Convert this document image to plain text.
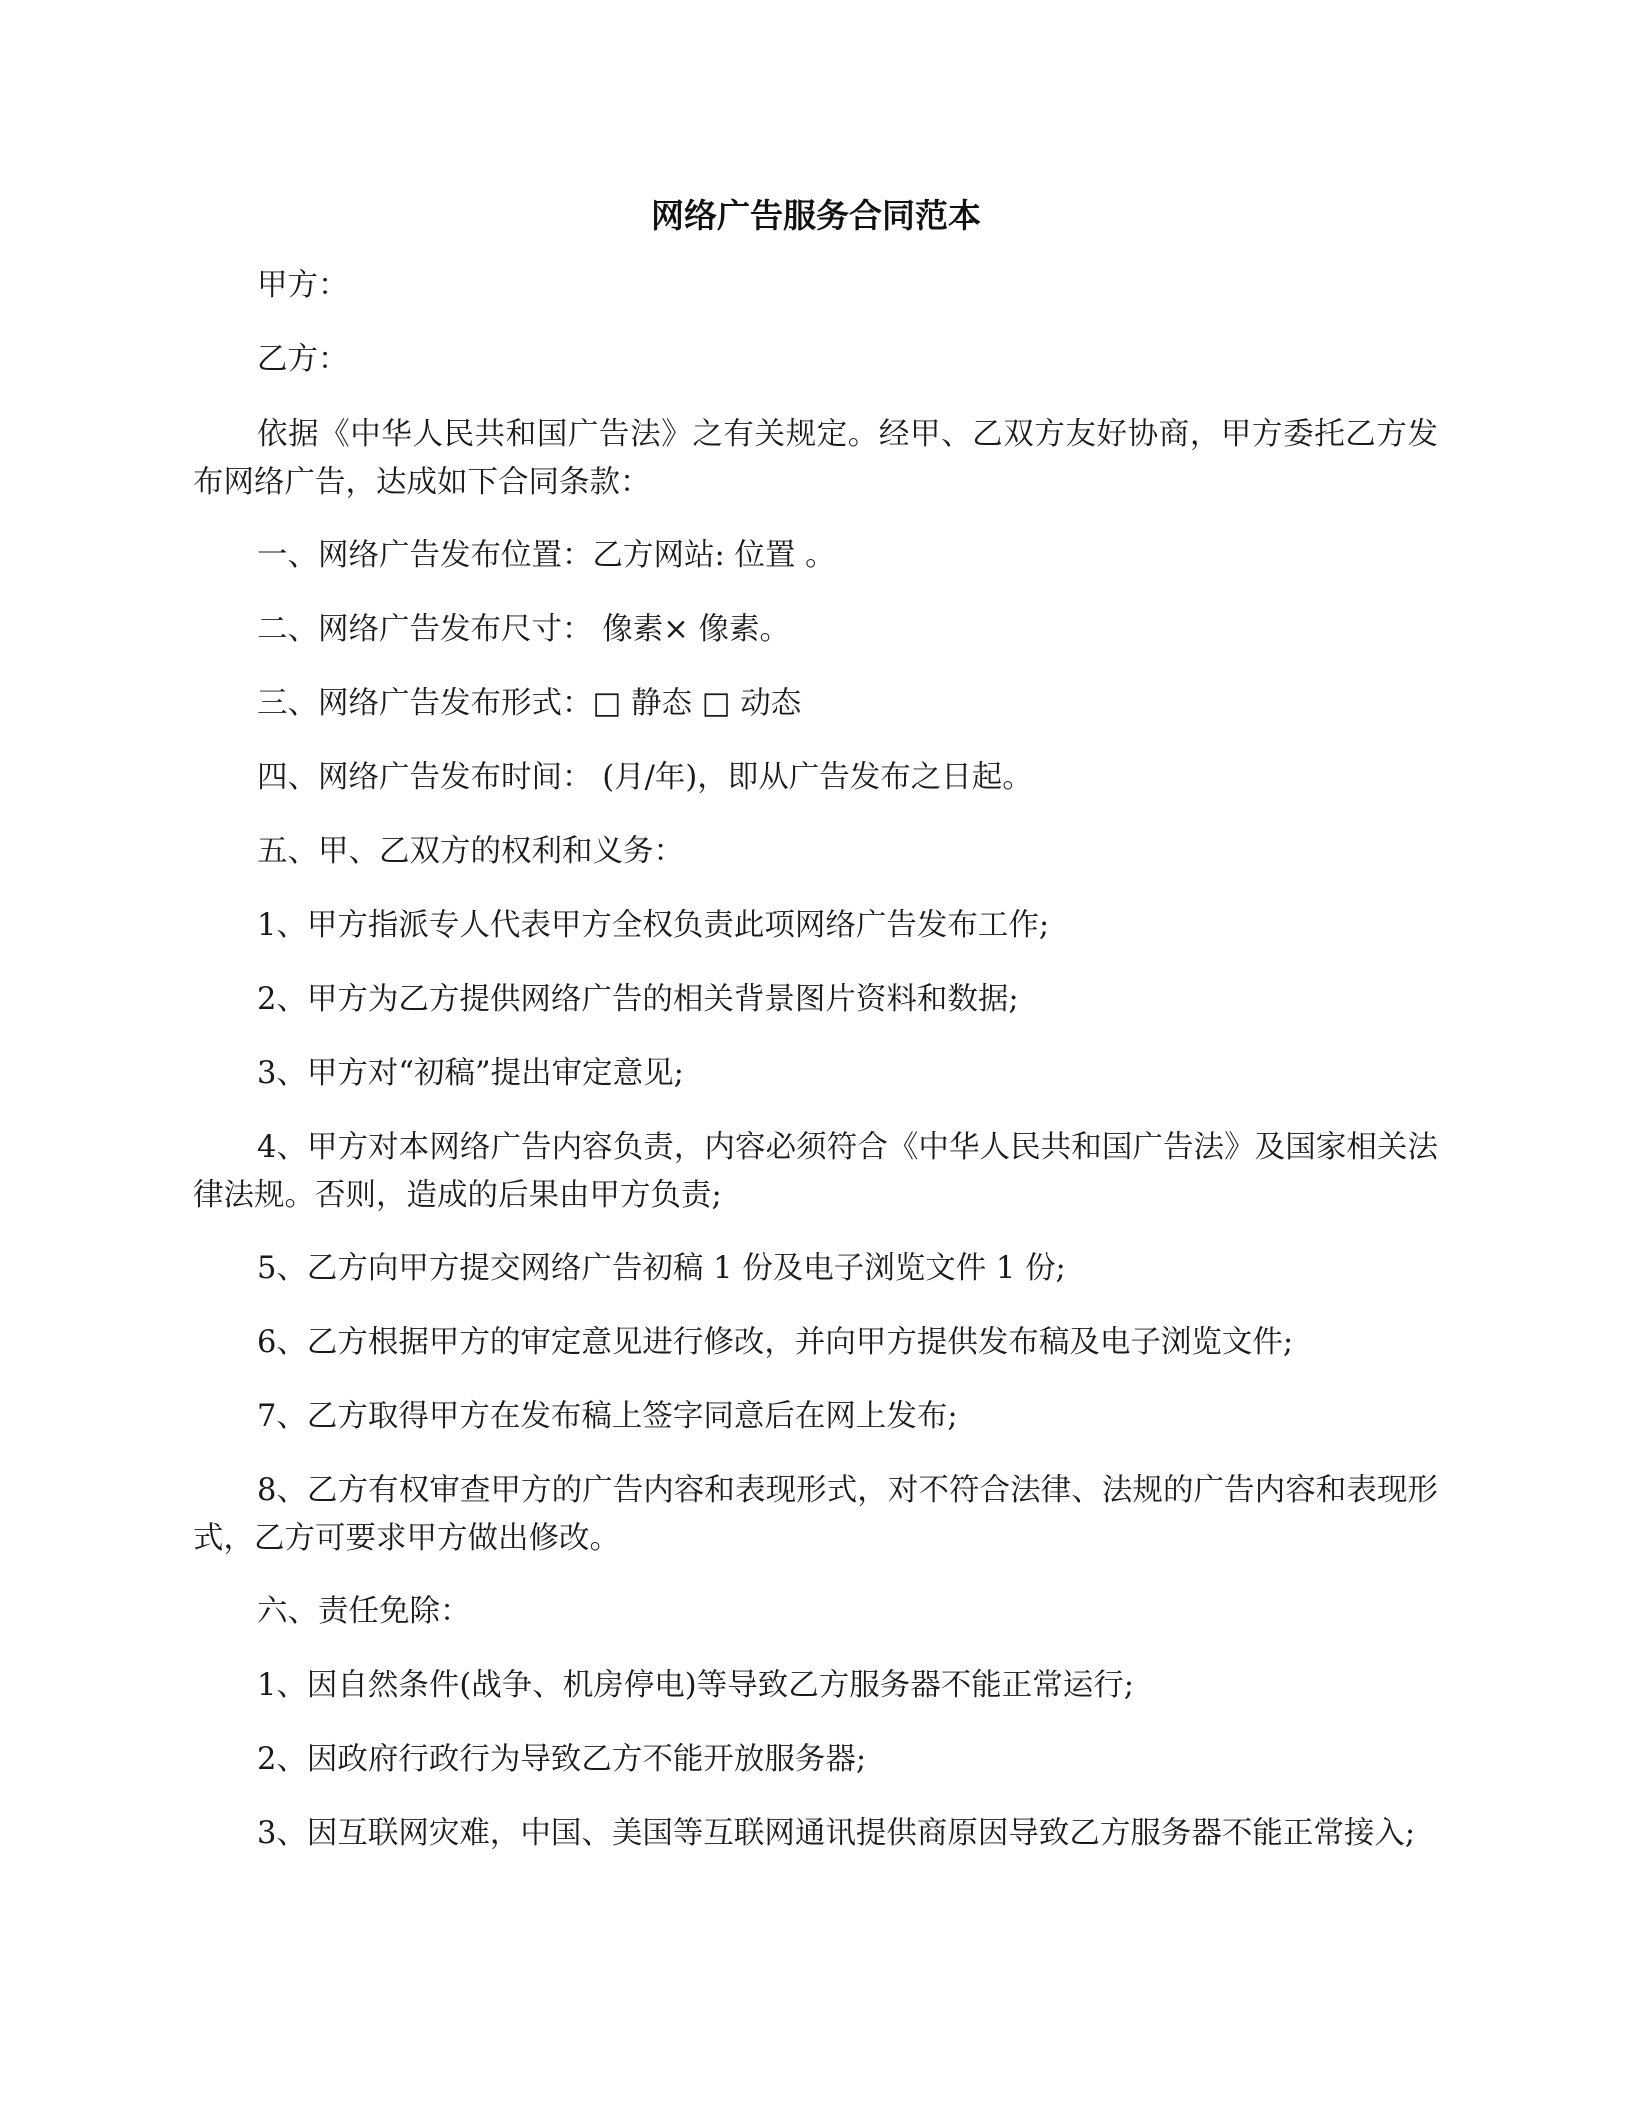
网络广告服务合同范本
甲方：
乙方：
依据《中华人民共和国广告法》之有关规定。经甲、乙双方友好协商，甲方委托乙方发布网络广告，达成如下合同条款：
一、网络广告发布位置：乙方网站: 位置 。
二、网络广告发布尺寸： 像素× 像素。
三、网络广告发布形式：□ 静态 □ 动态
四、网络广告发布时间： (月/年)，即从广告发布之日起。
五、甲、乙双方的权利和义务：
1、甲方指派专人代表甲方全权负责此项网络广告发布工作;
2、甲方为乙方提供网络广告的相关背景图片资料和数据;
3、甲方对“初稿”提出审定意见;
4、甲方对本网络广告内容负责，内容必须符合《中华人民共和国广告法》及国家相关法律法规。否则，造成的后果由甲方负责;
5、乙方向甲方提交网络广告初稿 1 份及电子浏览文件 1 份;
6、乙方根据甲方的审定意见进行修改，并向甲方提供发布稿及电子浏览文件;
7、乙方取得甲方在发布稿上签字同意后在网上发布;
8、乙方有权审查甲方的广告内容和表现形式，对不符合法律、法规的广告内容和表现形式，乙方可要求甲方做出修改。
六、责任免除：
1、因自然条件(战争、机房停电)等导致乙方服务器不能正常运行;
2、因政府行政行为导致乙方不能开放服务器;
3、因互联网灾难，中国、美国等互联网通讯提供商原因导致乙方服务器不能正常接入;
